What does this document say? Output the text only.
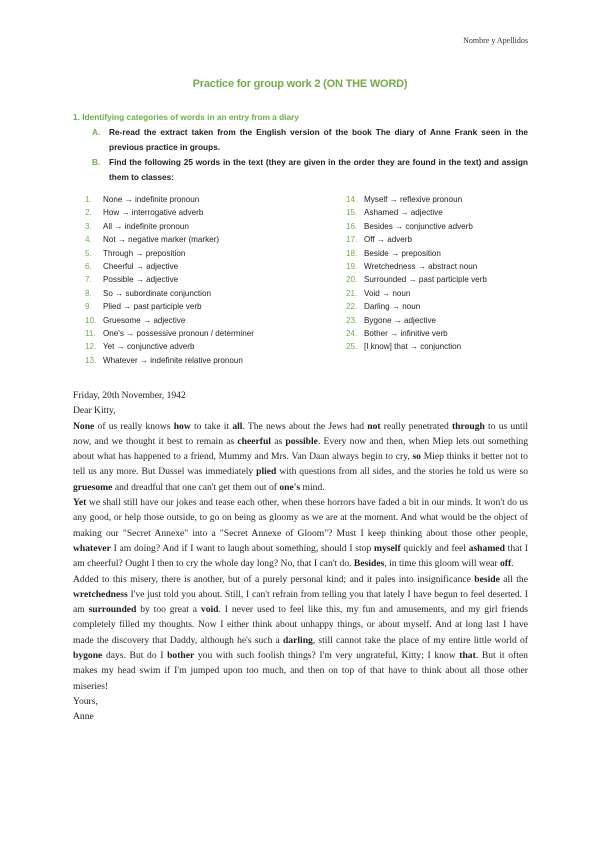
Nombre y Apellidos
Practice for group work 2 (ON THE WORD)
1. Identifying categories of words in an entry from a diary
A.	Re-read the extract taken from the English version of the book The diary of Anne Frank seen in the previous practice in groups.
B.	Find the following 25 words in the text (they are given in the order they are found in the text) and assign them to classes:
1. None → indefinite pronoun
2. How → interrogative adverb
3. All → indefinite pronoun
4. Not → negative marker (marker)
5. Through → preposition
6. Cheerful → adjective
7. Possible → adjective
8. So → subordinate conjunction
9. Plied → past participle verb
10. Gruesome → adjective
11. One's → possessive pronoun / determiner
12. Yet → conjunctive adverb
13. Whatever → indefinite relative pronoun
14. Myself → reflexive pronoun
15. Ashamed → adjective
16. Besides → conjunctive adverb
17. Off → adverb
18. Beside → preposition
19. Wretchedness → abstract noun
20. Surrounded → past participle verb
21. Void → noun
22. Darling → noun
23. Bygone → adjective
24. Bother → infinitive verb
25. [I know] that → conjunction

Friday, 20th November, 1942

Dear Kitty,

None of us really knows how to take it all. The news about the Jews had not really penetrated through to us until now, and we thought it best to remain as cheerful as possible. Every now and then, when Miep lets out something about what has happened to a friend, Mummy and Mrs. Van Daan always begin to cry, so Miep thinks it better not to tell us any more. But Dussel was immediately plied with questions from all sides, and the stories he told us were so gruesome and dreadful that one can't get them out of one's mind.

Yet we shall still have our jokes and tease each other, when these horrors have faded a bit in our minds. It won't do us any good, or help those outside, to go on being as gloomy as we are at the moment. And what would be the object of making our "Secret Annexe" into a "Secret Annexe of Gloom"? Must I keep thinking about those other people, whatever I am doing? And if I want to laugh about something, should I stop myself quickly and feel ashamed that I am cheerful? Ought I then to cry the whole day long? No, that I can't do. Besides, in time this gloom will wear off.

Added to this misery, there is another, but of a purely personal kind; and it pales into insignificance beside all the wretchedness I've just told you about. Still, I can't refrain from telling you that lately I have begun to feel deserted. I am surrounded by too great a void. I never used to feel like this, my fun and amusements, and my girl friends completely filled my thoughts. Now I either think about unhappy things, or about myself. And at long last I have made the discovery that Daddy, although he's such a darling, still cannot take the place of my entire little world of bygone days. But do I bother you with such foolish things? I'm very ungrateful, Kitty; I know that. But it often makes my head swim if I'm jumped upon too much, and then on top of that have to think about all those other miseries!

Yours,

Anne
